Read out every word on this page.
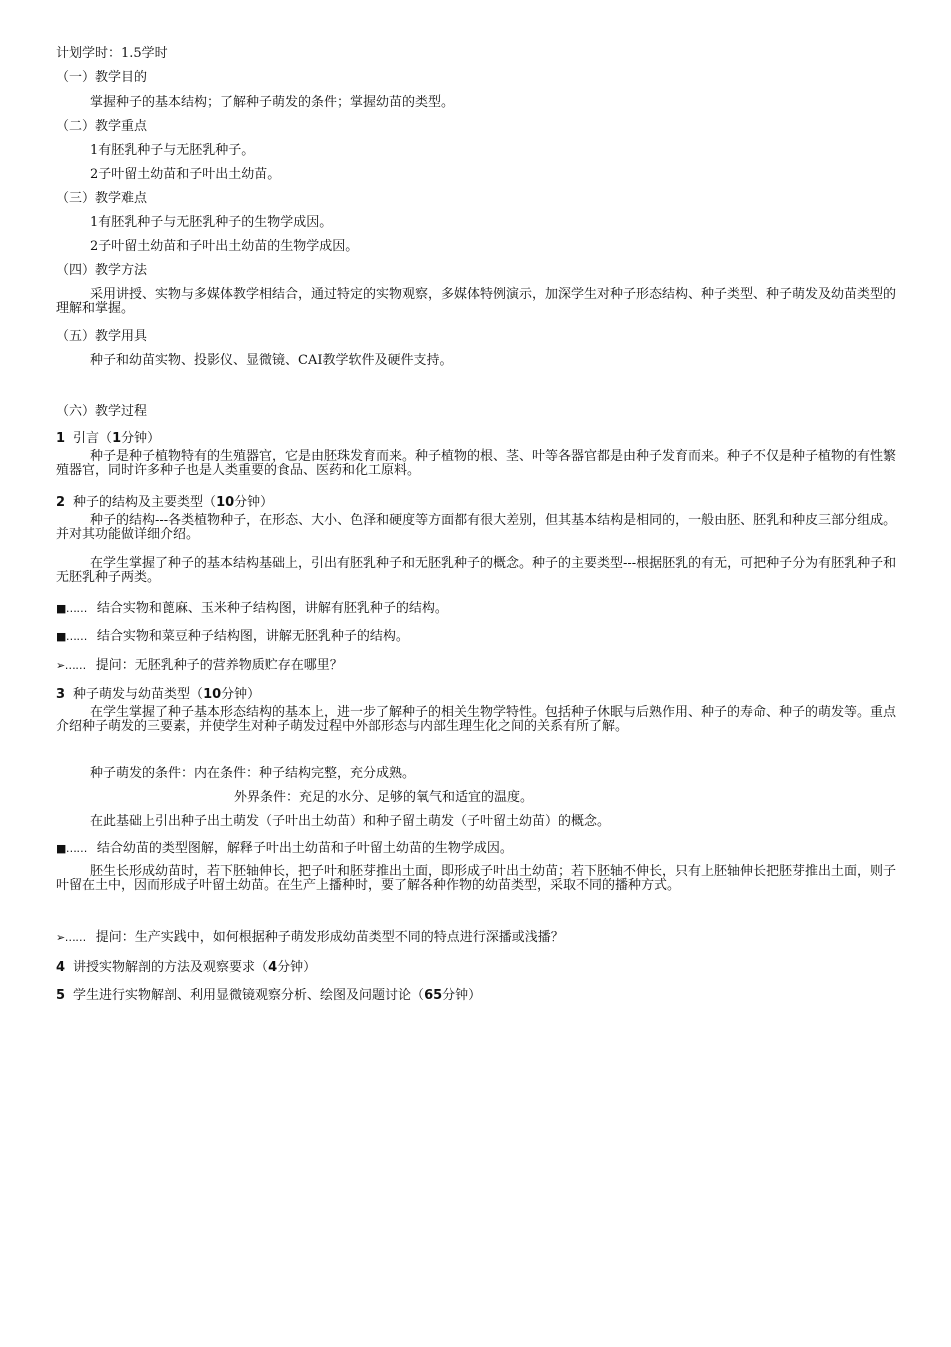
计划学时：1.5学时
（一）教学目的
掌握种子的基本结构；了解种子萌发的条件；掌握幼苗的类型。
（二）教学重点
1有胚乳种子与无胚乳种子。
2子叶留土幼苗和子叶出土幼苗。
（三）教学难点
1有胚乳种子与无胚乳种子的生物学成因。
2子叶留土幼苗和子叶出土幼苗的生物学成因。
（四）教学方法
采用讲授、实物与多媒体教学相结合，通过特定的实物观察，多媒体特例演示，加深学生对种子形态结构、种子类型、种子萌发及幼苗类型的理解和掌握。
（五）教学用具
种子和幼苗实物、投影仪、显微镜、CAI教学软件及硬件支持。
（六）教学过程
1 引言（1分钟）
种子是种子植物特有的生殖器官，它是由胚珠发育而来。种子植物的根、茎、叶等各器官都是由种子发育而来。种子不仅是种子植物的有性繁殖器官，同时许多种子也是人类重要的食品、医药和化工原料。
2 种子的结构及主要类型（10分钟）
种子的结构---各类植物种子，在形态、大小、色泽和硬度等方面都有很大差别，但其基本结构是相同的，一般由胚、胚乳和种皮三部分组成。并对其功能做详细介绍。
在学生掌握了种子的基本结构基础上，引出有胚乳种子和无胚乳种子的概念。种子的主要类型---根据胚乳的有无，可把种子分为有胚乳种子和无胚乳种子两类。
■…… 结合实物和蓖麻、玉米种子结构图，讲解有胚乳种子的结构。
■…… 结合实物和菜豆种子结构图，讲解无胚乳种子的结构。
➢…… 提问：无胚乳种子的营养物质贮存在哪里？
3 种子萌发与幼苗类型（10分钟）
在学生掌握了种子基本形态结构的基本上，进一步了解种子的相关生物学特性。包括种子休眠与后熟作用、种子的寿命、种子的萌发等。重点介绍种子萌发的三要素，并使学生对种子萌发过程中外部形态与内部生理生化之间的关系有所了解。
种子萌发的条件：内在条件：种子结构完整，充分成熟。
外界条件：充足的水分、足够的氧气和适宜的温度。
在此基础上引出种子出土萌发（子叶出土幼苗）和种子留土萌发（子叶留土幼苗）的概念。
■…… 结合幼苗的类型图解，解释子叶出土幼苗和子叶留土幼苗的生物学成因。
胚生长形成幼苗时，若下胚轴伸长，把子叶和胚芽推出土面，即形成子叶出土幼苗；若下胚轴不伸长，只有上胚轴伸长把胚芽推出土面，则子叶留在土中，因而形成子叶留土幼苗。在生产上播种时，要了解各种作物的幼苗类型，采取不同的播种方式。
➢…… 提问：生产实践中，如何根据种子萌发形成幼苗类型不同的特点进行深播或浅播？
4 讲授实物解剖的方法及观察要求（4分钟）
5 学生进行实物解剖、利用显微镜观察分析、绘图及问题讨论（65分钟）
